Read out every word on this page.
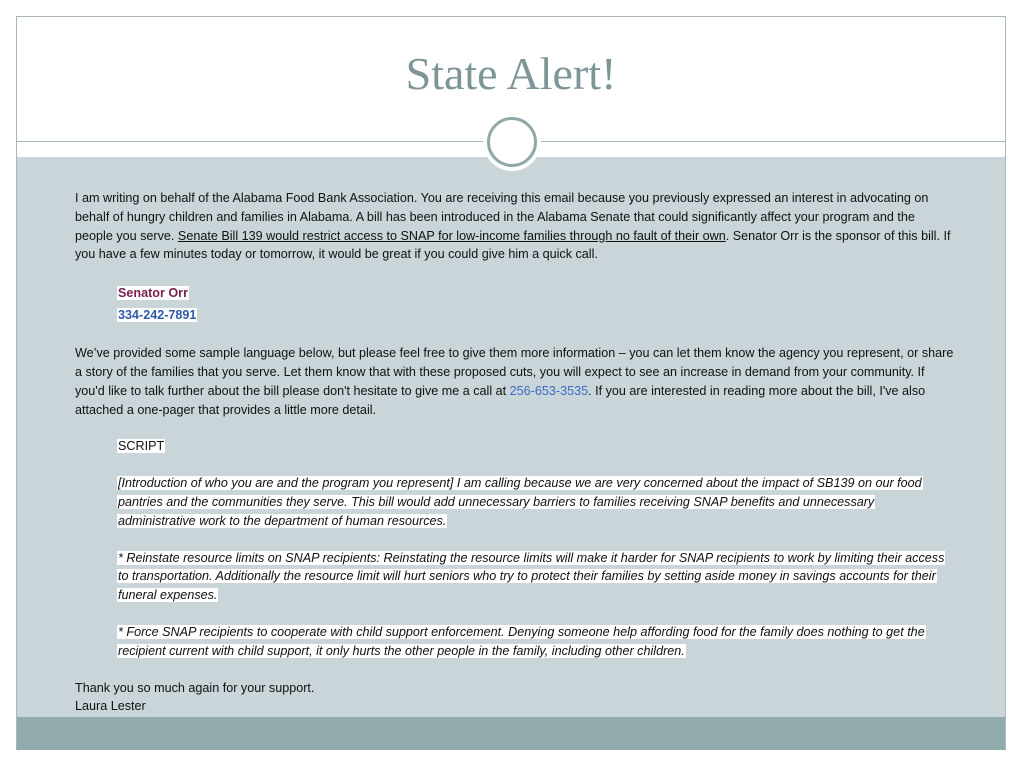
State Alert!

I am writing on behalf of the Alabama Food Bank Association. You are receiving this email because you previously expressed an interest in advocating on behalf of hungry children and families in Alabama. A bill has been introduced in the Alabama Senate that could significantly affect your program and the people you serve. Senate Bill 139 would restrict access to SNAP for low-income families through no fault of their own. Senator Orr is the sponsor of this bill. If you have a few minutes today or tomorrow, it would be great if you could give him a quick call.

Senator Orr

334-242-7891

We’ve provided some sample language below, but please feel free to give them more information – you can let them know the agency you represent, or share a story of the families that you serve. Let them know that with these proposed cuts, you will expect to see an increase in demand from your community. If you'd like to talk further about the bill please don't hesitate to give me a call at 256-653-3535. If you are interested in reading more about the bill, I've also attached a one-pager that provides a little more detail.

SCRIPT

[Introduction of who you are and the program you represent] I am calling because we are very concerned about the impact of SB139 on our food pantries and the communities they serve. This bill would add unnecessary barriers to families receiving SNAP benefits and unnecessary administrative work to the department of human resources.

* Reinstate resource limits on SNAP recipients: Reinstating the resource limits will make it harder for SNAP recipients to work by limiting their access to transportation. Additionally the resource limit will hurt seniors who try to protect their families by setting aside money in savings accounts for their funeral expenses.

* Force SNAP recipients to cooperate with child support enforcement. Denying someone help affording food for the family does nothing to get the recipient current with child support, it only hurts the other people in the family, including other children.

Thank you so much again for your support.

Laura Lester
